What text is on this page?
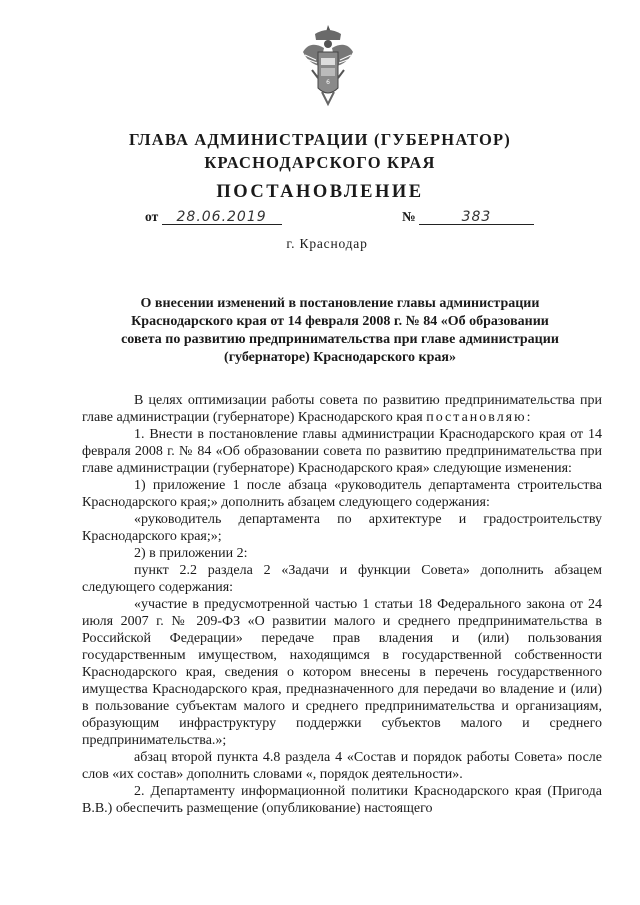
6
ГЛАВА АДМИНИСТРАЦИИ (ГУБЕРНАТОР)
КРАСНОДАРСКОГО КРАЯ
ПОСТАНОВЛЕНИЕ
от 28.06.2019	№	383
г. Краснодар
О внесении изменений в постановление главы администрации Краснодарского края от 14 февраля 2008 г. № 84 «Об образовании совета по развитию предпринимательства при главе администрации (губернаторе) Краснодарского края»

В целях оптимизации работы совета по развитию предпринимательства при главе администрации (губернаторе) Краснодарского края постановляю:

1. Внести в постановление главы администрации Краснодарского края от 14 февраля 2008 г. № 84 «Об образовании совета по развитию предпринимательства при главе администрации (губернаторе) Краснодарского края» следующие изменения:

1) приложение 1 после абзаца «руководитель департамента строительства Краснодарского края;» дополнить абзацем следующего содержания:

«руководитель департамента по архитектуре и градостроительству Краснодарского края;»;

2) в приложении 2:

пункт 2.2 раздела 2 «Задачи и функции Совета» дополнить абзацем следующего содержания:

«участие в предусмотренной частью 1 статьи 18 Федерального закона от 24 июля 2007 г. № 209-ФЗ «О развитии малого и среднего предпринимательства в Российской Федерации» передаче прав владения и (или) пользования государственным имуществом, находящимся в государственной собственности Краснодарского края, сведения о котором внесены в перечень государственного имущества Краснодарского края, предназначенного для передачи во владение и (или) в пользование субъектам малого и среднего предпринимательства и организациям, образующим инфраструктуру поддержки субъектов малого и среднего предпринимательства.»;

абзац второй пункта 4.8 раздела 4 «Состав и порядок работы Совета» после слов «их состав» дополнить словами «, порядок деятельности».

2. Департаменту информационной политики Краснодарского края (Пригода В.В.) обеспечить размещение (опубликование) настоящего
